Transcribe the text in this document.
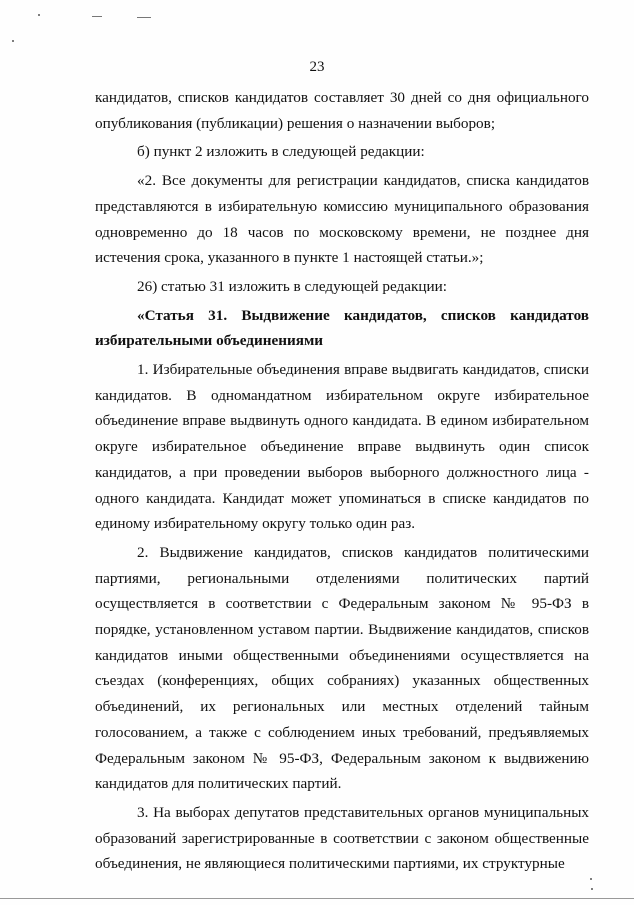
23

кандидатов, списков кандидатов составляет 30 дней со дня официального опубликования (публикации) решения о назначении выборов;

б) пункт 2 изложить в следующей редакции:

«2. Все документы для регистрации кандидатов, списка кандидатов представляются в избирательную комиссию муниципального образования одновременно до 18 часов по московскому времени, не позднее дня истечения срока, указанного в пункте 1 настоящей статьи.»;

26) статью 31 изложить в следующей редакции:

«Статья 31. Выдвижение кандидатов, списков кандидатов избирательными объединениями

1. Избирательные объединения вправе выдвигать кандидатов, списки кандидатов. В одномандатном избирательном округе избирательное объединение вправе выдвинуть одного кандидата. В едином избирательном округе избирательное объединение вправе выдвинуть один список кандидатов, а при проведении выборов выборного должностного лица - одного кандидата. Кандидат может упоминаться в списке кандидатов по единому избирательному округу только один раз.

2. Выдвижение кандидатов, списков кандидатов политическими партиями, региональными отделениями политических партий осуществляется в соответствии с Федеральным законом № 95-ФЗ в порядке, установленном уставом партии. Выдвижение кандидатов, списков кандидатов иными общественными объединениями осуществляется на съездах (конференциях, общих собраниях) указанных общественных объединений, их региональных или местных отделений тайным голосованием, а также с соблюдением иных требований, предъявляемых Федеральным законом № 95-ФЗ, Федеральным законом к выдвижению кандидатов для политических партий.

3. На выборах депутатов представительных органов муниципальных образований зарегистрированные в соответствии с законом общественные объединения, не являющиеся политическими партиями, их структурные
